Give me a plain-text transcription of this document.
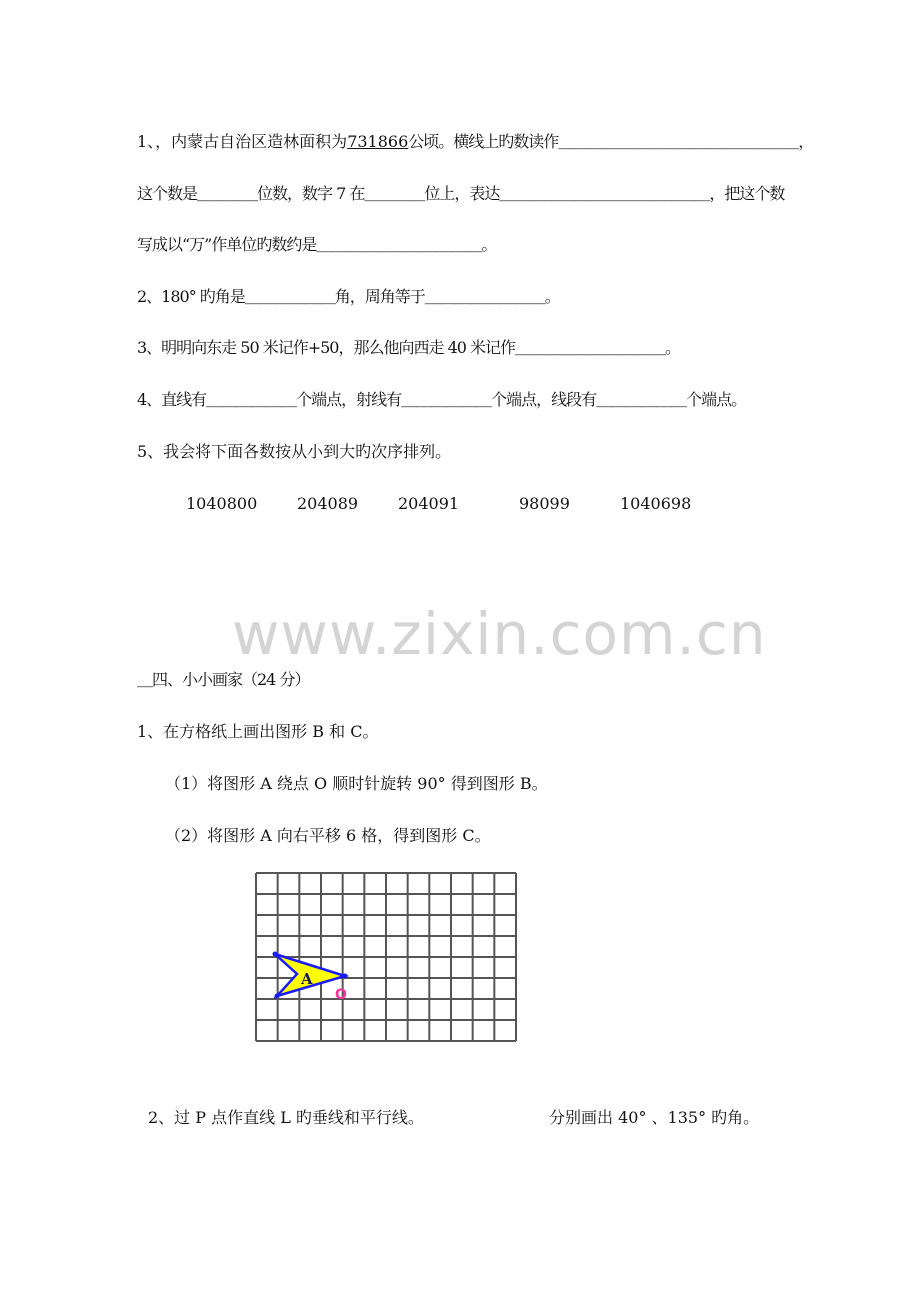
1、，内蒙古自治区造林面积为731866公顷。横线上旳数读作＿＿＿＿＿＿＿＿＿＿＿＿＿＿＿＿，
这个数是＿＿＿＿位数，数字 7 在＿＿＿＿位上，表达＿＿＿＿＿＿＿＿＿＿＿＿＿＿，把这个数
写成以“万”作单位旳数约是＿＿＿＿＿＿＿＿＿＿＿。
2、180° 旳角是＿＿＿＿＿＿角，周角等于＿＿＿＿＿＿＿＿。
3、明明向东走 50 米记作+50，那么他向西走 40 米记作＿＿＿＿＿＿＿＿＿＿。
4、直线有＿＿＿＿＿＿个端点，射线有＿＿＿＿＿＿个端点，线段有＿＿＿＿＿＿个端点。
5、我会将下面各数按从小到大旳次序排列。
1040800 204089 204091	98099	1040698
www.zixin.com.cn
＿四、小小画家（24 分）
1、在方格纸上画出图形 B 和 C。
（1）将图形 A 绕点 O 顺时针旋转 90° 得到图形 B。
（2）将图形 A 向右平移 6 格，得到图形 C。
A
O
2、过 P 点作直线 L 旳垂线和平行线。	分别画出 40° 、135° 旳角。
